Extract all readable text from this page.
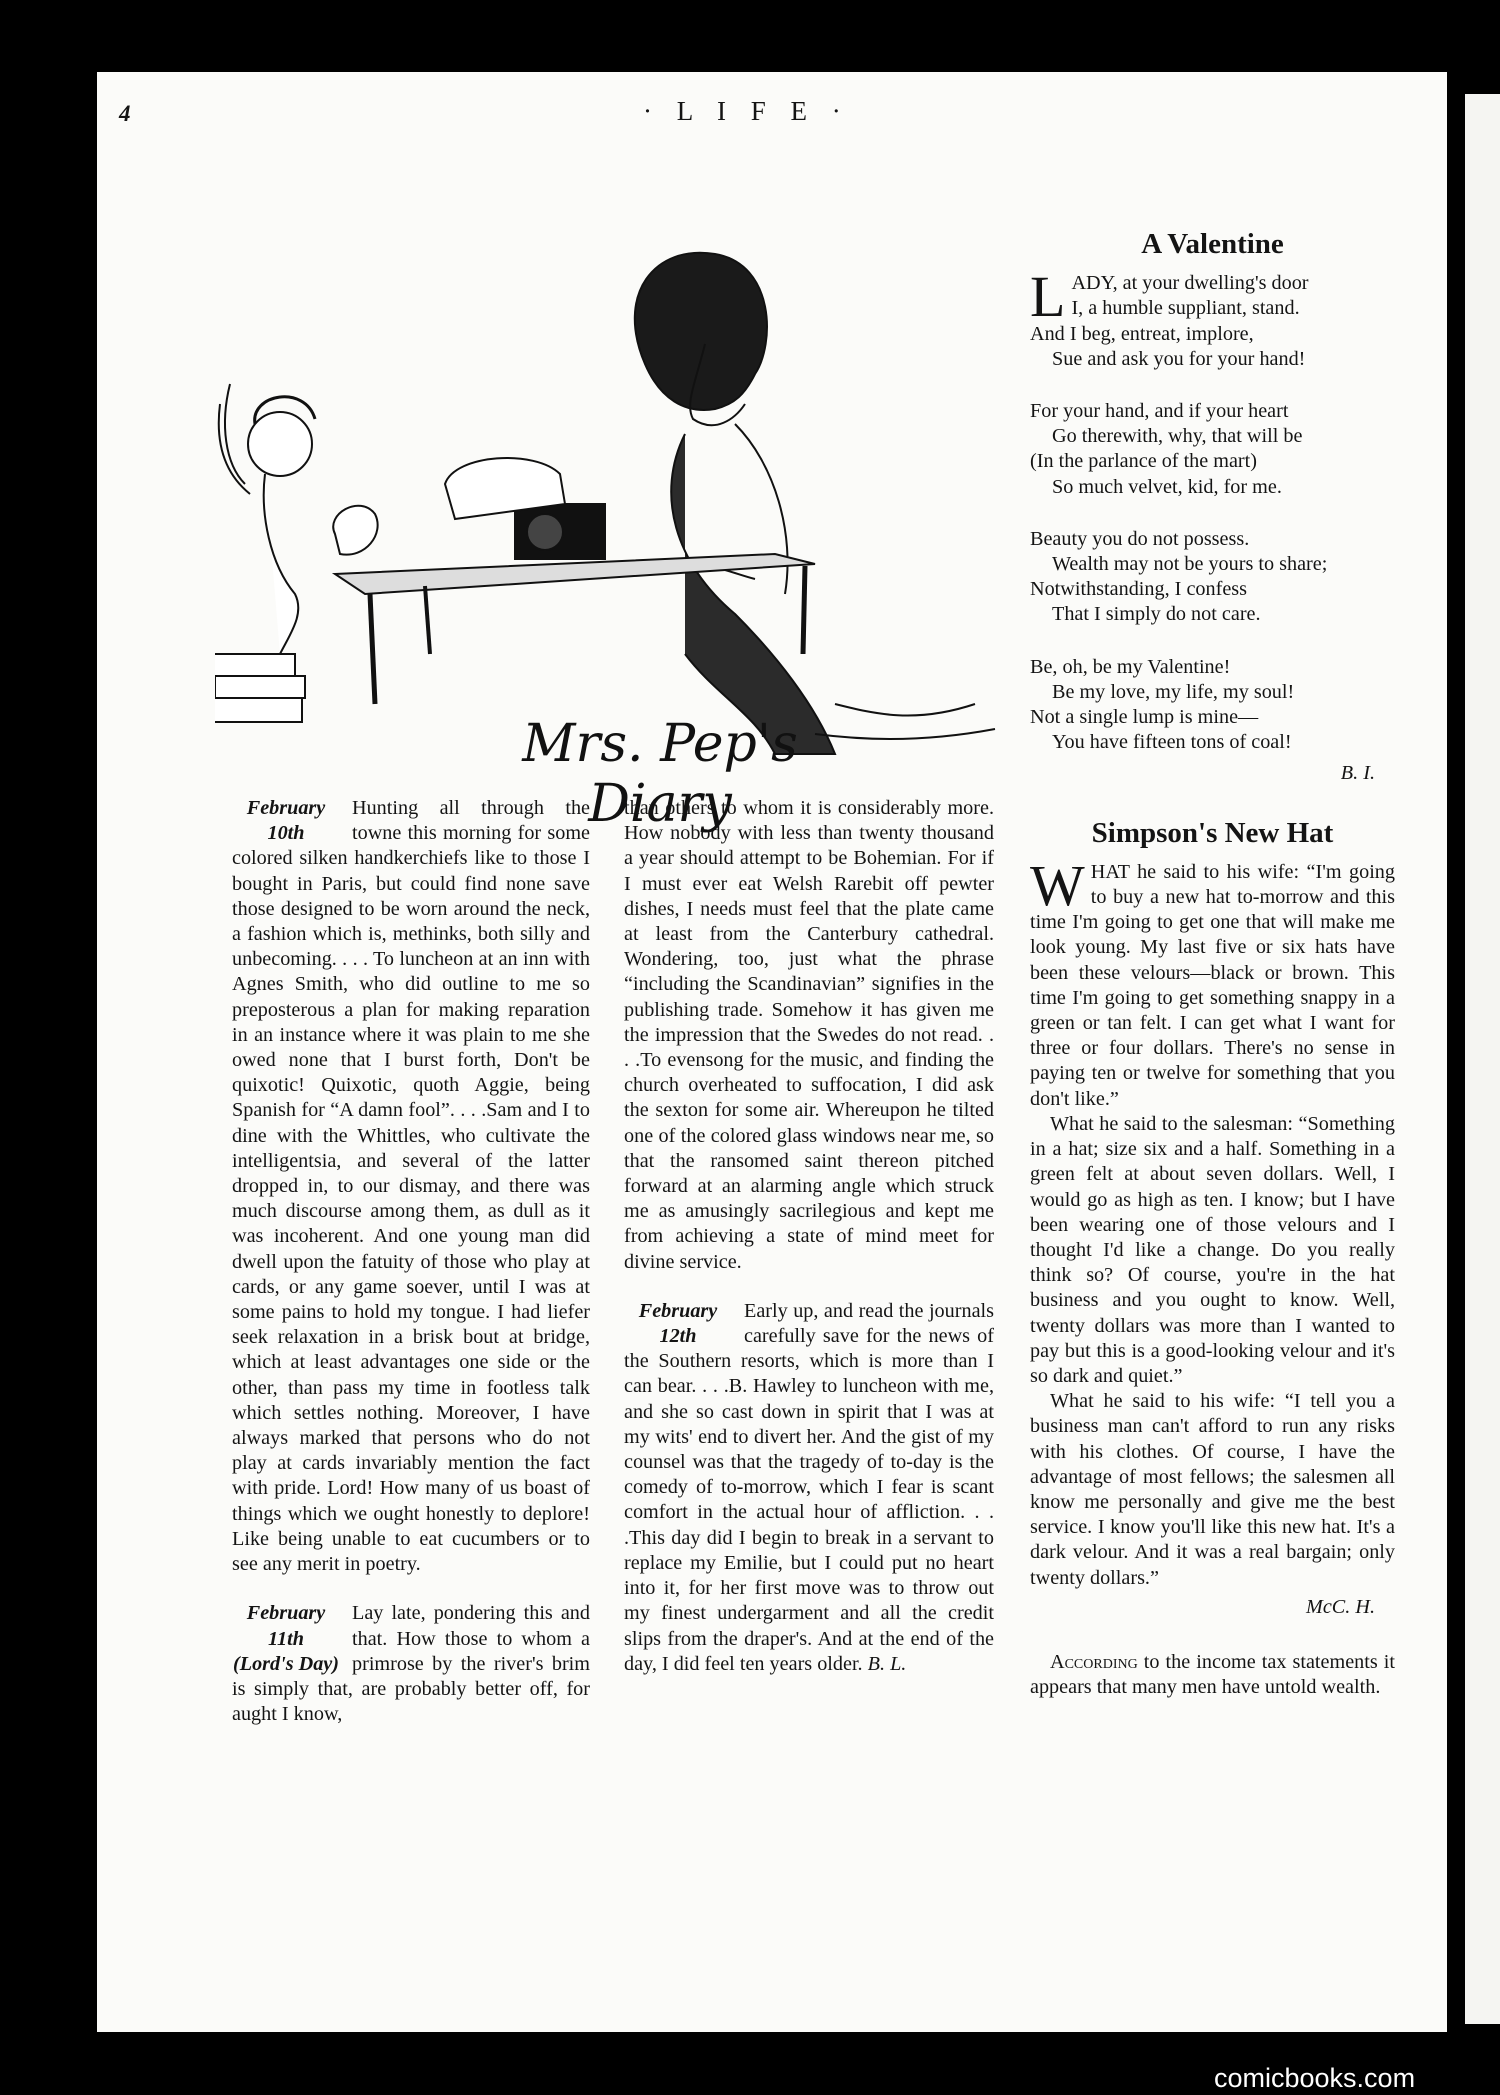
4	· L I F E ·
Mrs. Pep's Diary
February
10th

Hunting all through the towne this morning for some colored silken handkerchiefs like to those I bought in Paris, but could find none save those designed to be worn around the neck, a fashion which is, methinks, both silly and unbecoming. . . . To luncheon at an inn with Agnes Smith, who did outline to me so preposterous a plan for making reparation in an instance where it was plain to me she owed none that I burst forth, Don't be quixotic! Quixotic, quoth Aggie, being Spanish for “A damn fool”. . . .Sam and I to dine with the Whittles, who cultivate the intelligentsia, and several of the latter dropped in, to our dismay, and there was much discourse among them, as dull as it was incoherent. And one young man did dwell upon the fatuity of those who play at cards, or any game soever, until I was at some pains to hold my tongue. I had liefer seek relaxation in a brisk bout at bridge, which at least advantages one side or the other, than pass my time in footless talk which settles nothing. Moreover, I have always marked that persons who do not play at cards invariably mention the fact with pride. Lord! How many of us boast of things which we ought honestly to deplore! Like being unable to eat cucumbers or to see any merit in poetry.

February
11th
(Lord's Day)

Lay late, pondering this and that. How those to whom a primrose by the river's brim is simply that, are probably better off, for aught I know,

than others to whom it is considerably more. How nobody with less than twenty thousand a year should attempt to be Bohemian. For if I must ever eat Welsh Rarebit off pewter dishes, I needs must feel that the plate came at least from the Canterbury cathedral. Wondering, too, just what the phrase “including the Scandinavian” signifies in the publishing trade. Somehow it has given me the impression that the Swedes do not read. . . .To evensong for the music, and finding the church overheated to suffocation, I did ask the sexton for some air. Whereupon he tilted one of the colored glass windows near me, so that the ransomed saint thereon pitched forward at an alarming angle which struck me as amusingly sacrilegious and kept me from achieving a state of mind meet for divine service.

February
12th

Early up, and read the journals carefully save for the news of the Southern resorts, which is more than I can bear. . . .B. Hawley to luncheon with me, and she so cast down in spirit that I was at my wits' end to divert her. And the gist of my counsel was that the tragedy of to-day is the comedy of to-morrow, which I fear is scant comfort in the actual hour of affliction. . . .This day did I begin to break in a servant to replace my Emilie, but I could put no heart into it, for her first move was to throw out my finest undergarment and all the credit slips from the draper's. And at the end of the day, I did feel ten years older. B. L.

A Valentine
L ADY, at your dwelling's door
I, a humble suppliant, stand.
And I beg, entreat, implore,
Sue and ask you for your hand!
For your hand, and if your heart
Go therewith, why, that will be
(In the parlance of the mart)
So much velvet, kid, for me.
Beauty you do not possess.
Wealth may not be yours to share;
Notwithstanding, I confess
That I simply do not care.
Be, oh, be my Valentine!
Be my love, my life, my soul!
Not a single lump is mine—
You have fifteen tons of coal!
B. I.
Simpson's New Hat

WHAT he said to his wife: “I'm going to buy a new hat to-morrow and this time I'm going to get one that will make me look young. My last five or six hats have been these velours—black or brown. This time I'm going to get something snappy in a green or tan felt. I can get what I want for three or four dollars. There's no sense in paying ten or twelve for something that you don't like.”

What he said to the salesman: “Something in a hat; size six and a half. Something in a green felt at about seven dollars. Well, I would go as high as ten. I know; but I have been wearing one of those velours and I thought I'd like a change. Do you really think so? Of course, you're in the hat business and you ought to know. Well, twenty dollars was more than I wanted to pay but this is a good-looking velour and it's so dark and quiet.”

What he said to his wife: “I tell you a business man can't afford to run any risks with his clothes. Of course, I have the advantage of most fellows; the salesmen all know me personally and give me the best service. I know you'll like this new hat. It's a dark velour. And it was a real bargain; only twenty dollars.”

McC. H.

According to the income tax statements it appears that many men have untold wealth.

comicbooks.com
